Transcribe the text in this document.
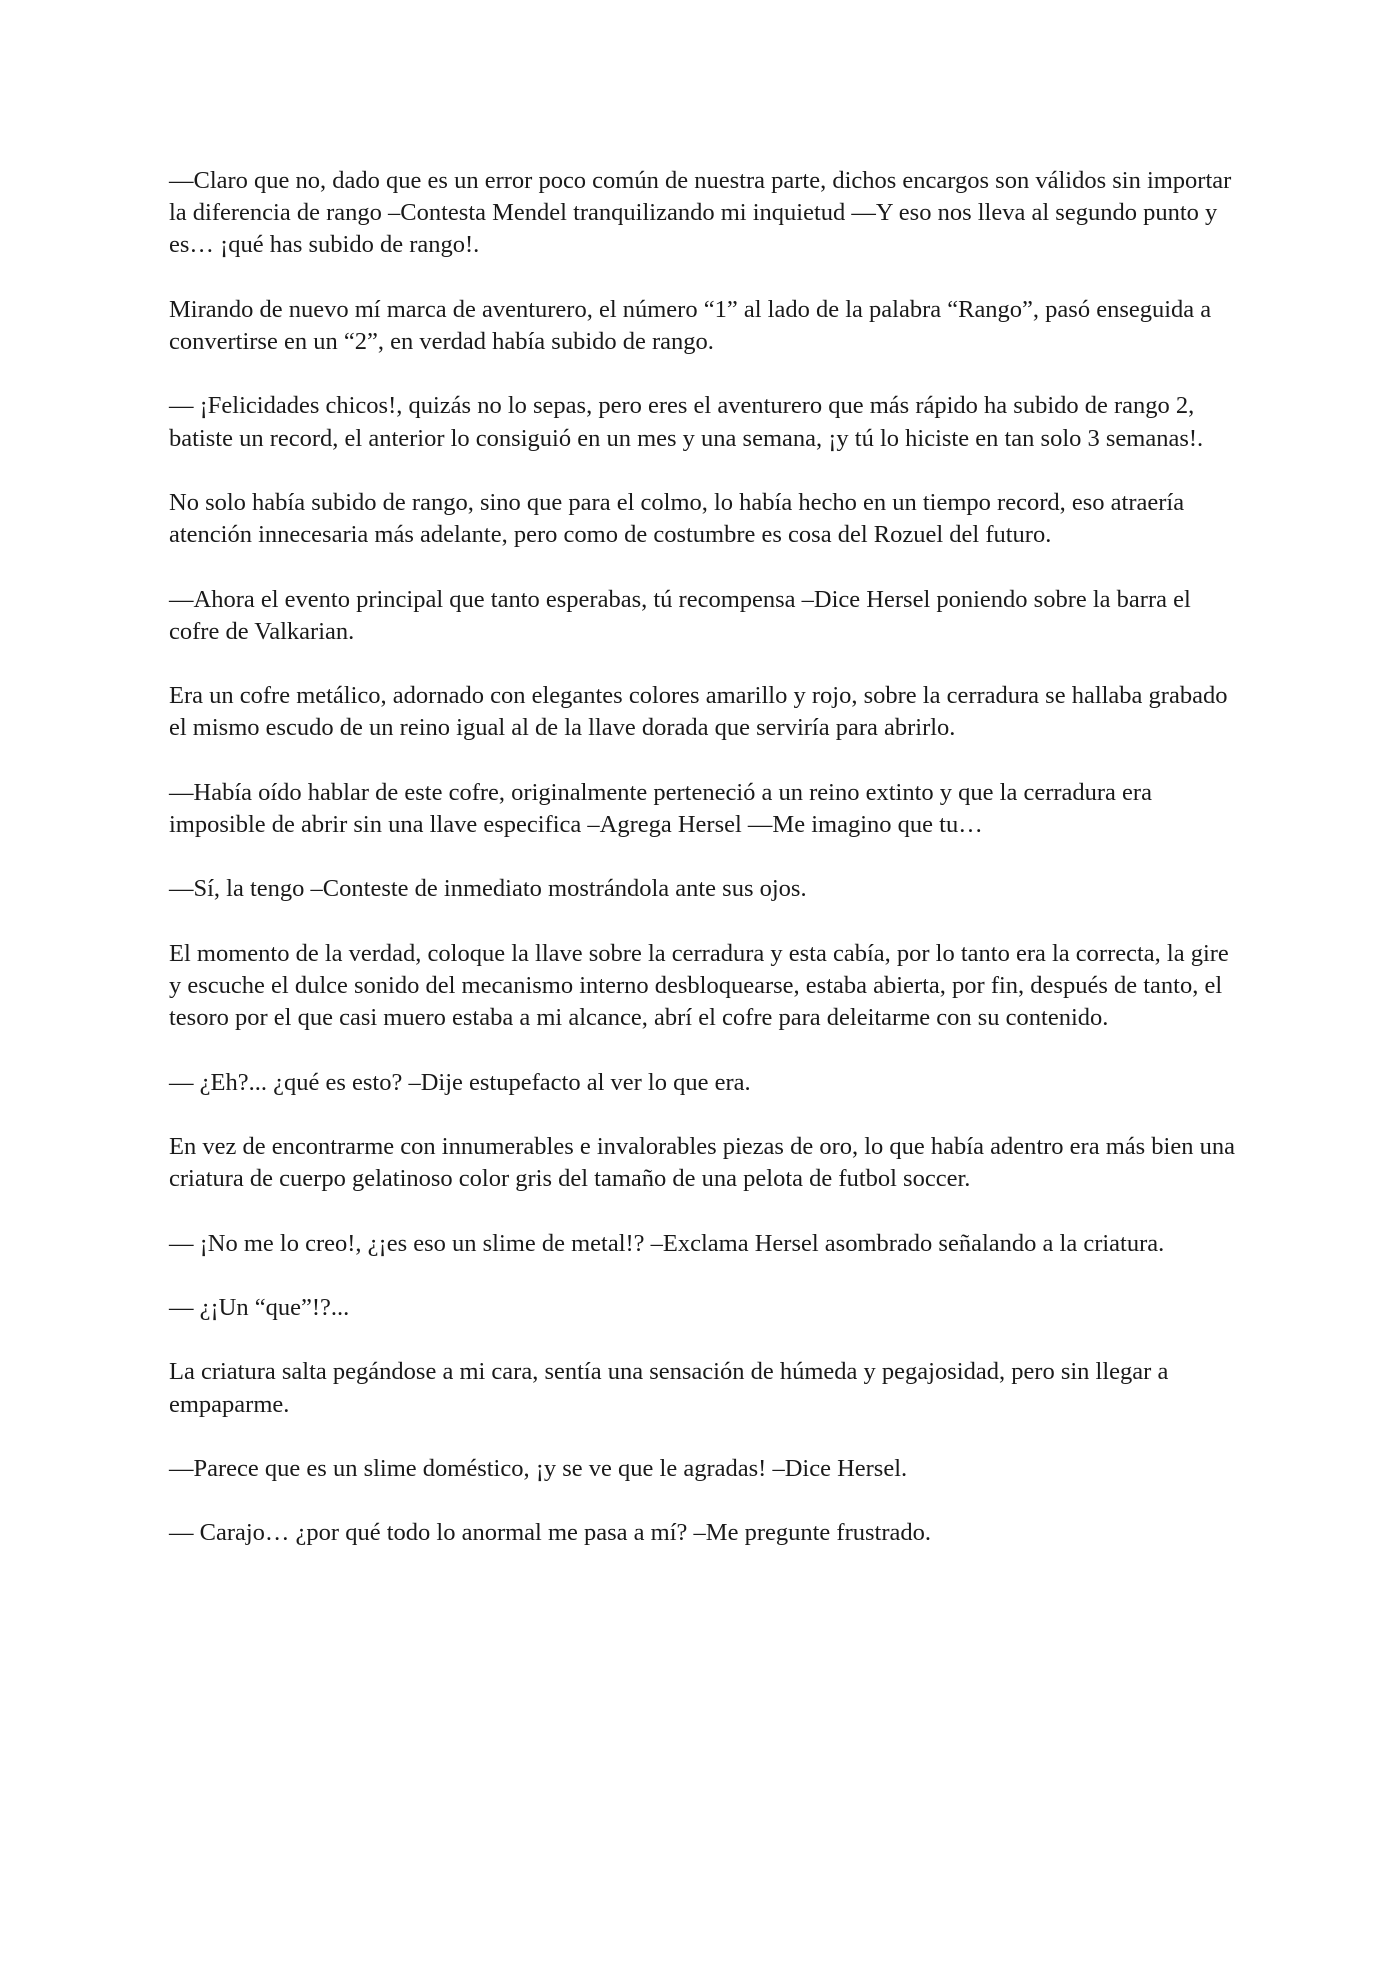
—Claro que no, dado que es un error poco común de nuestra parte, dichos encargos son válidos sin importar la diferencia de rango –Contesta Mendel tranquilizando mi inquietud —Y eso nos lleva al segundo punto y es… ¡qué has subido de rango!.

Mirando de nuevo mí marca de aventurero, el número “1” al lado de la palabra “Rango”, pasó enseguida a convertirse en un “2”, en verdad había subido de rango.

— ¡Felicidades chicos!, quizás no lo sepas, pero eres el aventurero que más rápido ha subido de rango 2, batiste un record, el anterior lo consiguió en un mes y una semana, ¡y tú lo hiciste en tan solo 3 semanas!.

No solo había subido de rango, sino que para el colmo, lo había hecho en un tiempo record, eso atraería atención innecesaria más adelante, pero como de costumbre es cosa del Rozuel del futuro.

—Ahora el evento principal que tanto esperabas, tú recompensa –Dice Hersel poniendo sobre la barra el cofre de Valkarian.

Era un cofre metálico, adornado con elegantes colores amarillo y rojo, sobre la cerradura se hallaba grabado el mismo escudo de un reino igual al de la llave dorada que serviría para abrirlo.

—Había oído hablar de este cofre, originalmente perteneció a un reino extinto y que la cerradura era imposible de abrir sin una llave especifica –Agrega Hersel —Me imagino que tu…

—Sí, la tengo –Conteste de inmediato mostrándola ante sus ojos.

El momento de la verdad, coloque la llave sobre la cerradura y esta cabía, por lo tanto era la correcta, la gire y escuche el dulce sonido del mecanismo interno desbloquearse, estaba abierta, por fin, después de tanto, el tesoro por el que casi muero estaba a mi alcance, abrí el cofre para deleitarme con su contenido.

— ¿Eh?... ¿qué es esto? –Dije estupefacto al ver lo que era.

En vez de encontrarme con innumerables e invalorables piezas de oro, lo que había adentro era más bien una criatura de cuerpo gelatinoso color gris del tamaño de una pelota de futbol soccer.

— ¡No me lo creo!, ¿¡es eso un slime de metal!? –Exclama Hersel asombrado señalando a la criatura.

— ¿¡Un “que”!?...

La criatura salta pegándose a mi cara, sentía una sensación de húmeda y pegajosidad, pero sin llegar a empaparme.

—Parece que es un slime doméstico, ¡y se ve que le agradas! –Dice Hersel.

— Carajo… ¿por qué todo lo anormal me pasa a mí? –Me pregunte frustrado.
